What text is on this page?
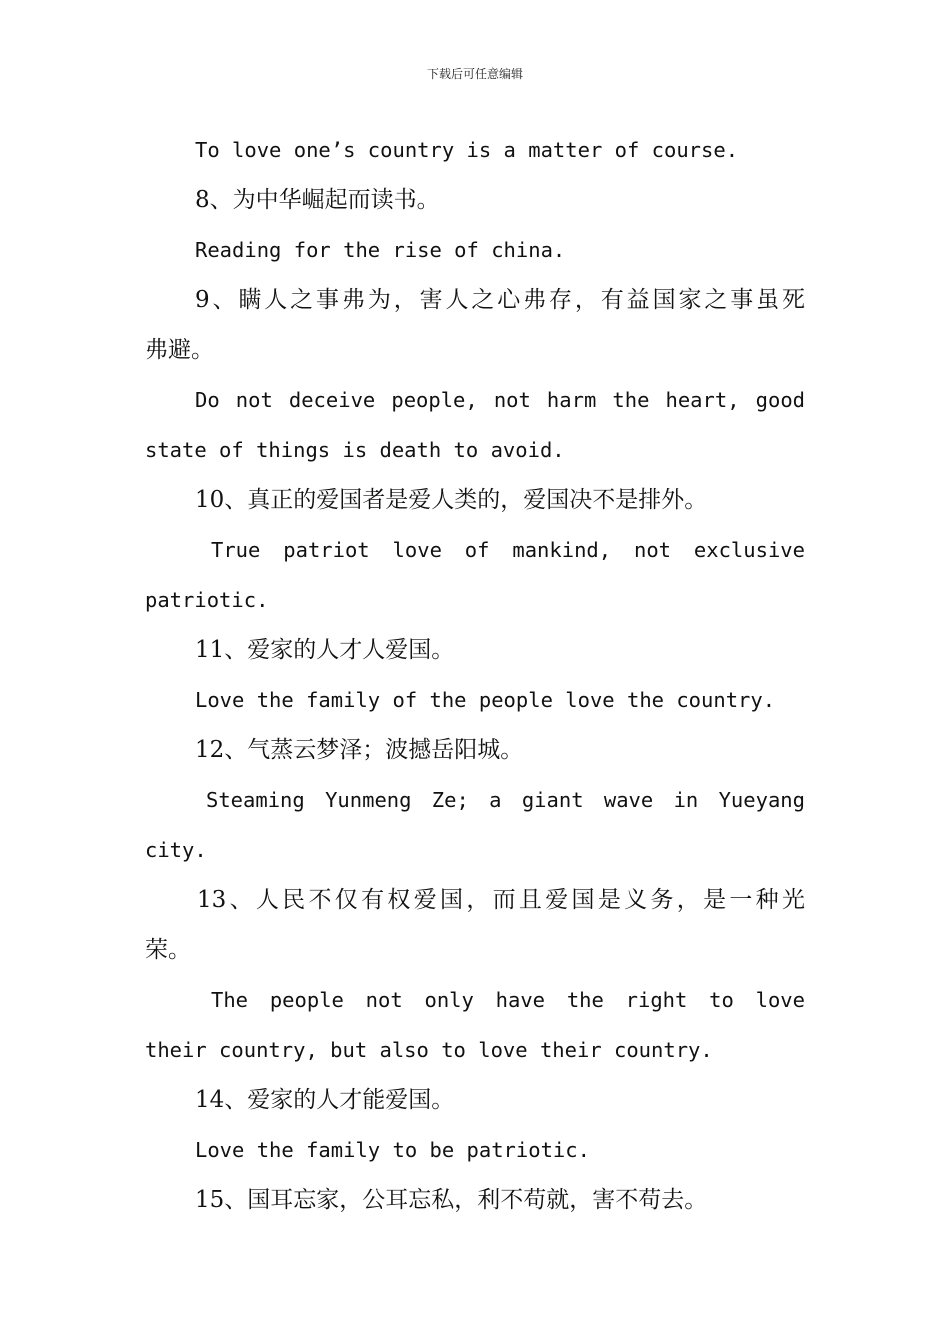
下载后可任意编辑
To love one’s country is a matter of course.
8、为中华崛起而读书。
Reading for the rise of china.
9、瞒人之事弗为，害人之心弗存，有益国家之事虽死
弗避。
Do not deceive people, not harm the heart, good
state of things is death to avoid.
10、真正的爱国者是爱人类的，爱国决不是排外。
True patriot love of mankind, not exclusive
patriotic.
11、爱家的人才人爱国。
Love the family of the people love the country.
12、气蒸云梦泽；波撼岳阳城。
Steaming Yunmeng Ze; a giant wave in Yueyang
city.
13、人民不仅有权爱国，而且爱国是义务，是一种光
荣。
The people not only have the right to love
their country, but also to love their country.
14、爱家的人才能爱国。
Love the family to be patriotic.
15、国耳忘家，公耳忘私，利不苟就，害不苟去。
